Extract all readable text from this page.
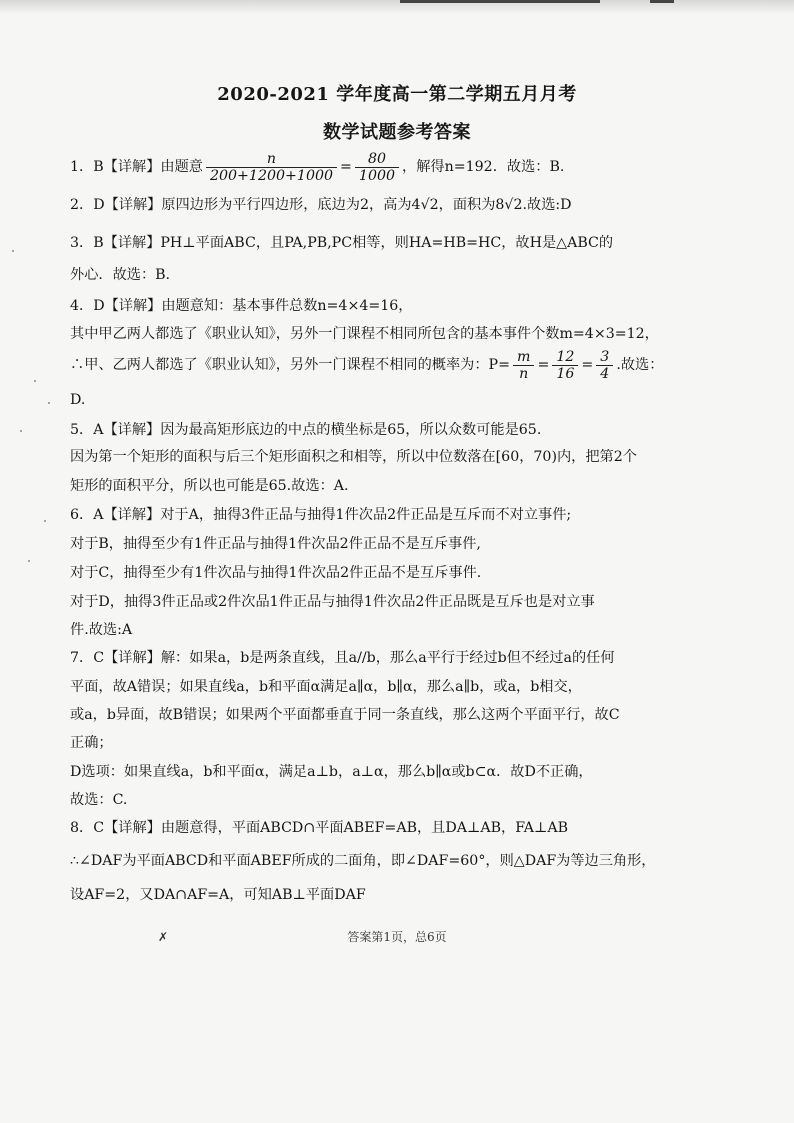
2020-2021 学年度高一第二学期五月月考
数学试题参考答案
1．B【详解】由题意 $\frac{n}{200+1200+1000} = \frac{80}{1000}$ ，解得n=192．故选：B.
2．D【详解】原四边形为平行四边形，底边为2，高为4√2，面积为8√2.故选:D
3．B【详解】PH⊥平面ABC，且PA,PB,PC相等，则HA=HB=HC，故H是△ABC的
外心．故选：B.
4．D【详解】由题意知：基本事件总数n=4×4=16，
其中甲乙两人都选了《职业认知》，另外一门课程不相同所包含的基本事件个数m=4×3=12，
∴甲、乙两人都选了《职业认知》，另外一门课程不相同的概率为：$P= \frac{m}{n} = \frac{12}{16} = \frac{3}{4}$ .故选：
D.
5．A【详解】因为最高矩形底边的中点的横坐标是65，所以众数可能是65.
因为第一个矩形的面积与后三个矩形面积之和相等，所以中位数落在[60，70)内，把第2个
矩形的面积平分，所以也可能是65.故选：A.
6．A【详解】对于A，抽得3件正品与抽得1件次品2件正品是互斥而不对立事件;
对于B，抽得至少有1件正品与抽得1件次品2件正品不是互斥事件,
对于C，抽得至少有1件次品与抽得1件次品2件正品不是互斥事件.
对于D，抽得3件正品或2件次品1件正品与抽得1件次品2件正品既是互斥也是对立事
件.故选:A
7．C【详解】解：如果a，b是两条直线，且a//b，那么a平行于经过b但不经过a的任何
平面，故A错误；如果直线a，b和平面α满足a∥α，b∥α，那么a∥b，或a，b相交，
或a，b异面，故B错误；如果两个平面都垂直于同一条直线，那么这两个平面平行，故C
正确；
D选项：如果直线a，b和平面α，满足a⊥b，a⊥α，那么b∥α或b⊂α．故D不正确，
故选：C.
8．C【详解】由题意得，平面ABCD∩平面ABEF=AB，且DA⊥AB，FA⊥AB
∴∠DAF为平面ABCD和平面ABEF所成的二面角，即∠DAF=60°，则△DAF为等边三角形，
设AF=2，又DA∩AF=A，可知AB⊥平面DAF
✗	答案第1页，总6页
